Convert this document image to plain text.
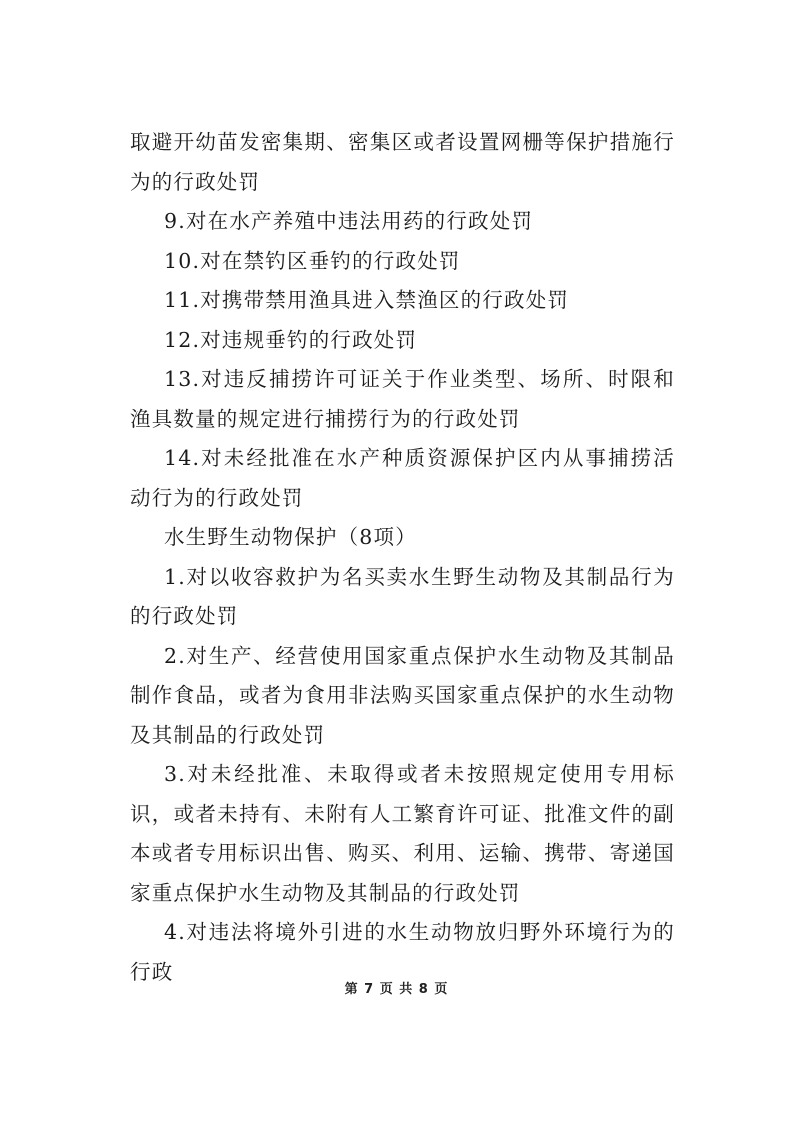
取避开幼苗发密集期、密集区或者设置网栅等保护措施行为的行政处罚

9.对在水产养殖中违法用药的行政处罚

10.对在禁钓区垂钓的行政处罚

11.对携带禁用渔具进入禁渔区的行政处罚

12.对违规垂钓的行政处罚

13.对违反捕捞许可证关于作业类型、场所、时限和渔具数量的规定进行捕捞行为的行政处罚

14.对未经批准在水产种质资源保护区内从事捕捞活动行为的行政处罚

水生野生动物保护（8项）

1.对以收容救护为名买卖水生野生动物及其制品行为的行政处罚

2.对生产、经营使用国家重点保护水生动物及其制品制作食品，或者为食用非法购买国家重点保护的水生动物及其制品的行政处罚

3.对未经批准、未取得或者未按照规定使用专用标识，或者未持有、未附有人工繁育许可证、批准文件的副本或者专用标识出售、购买、利用、运输、携带、寄递国家重点保护水生动物及其制品的行政处罚

4.对违法将境外引进的水生动物放归野外环境行为的行政

第 7 页 共 8 页
